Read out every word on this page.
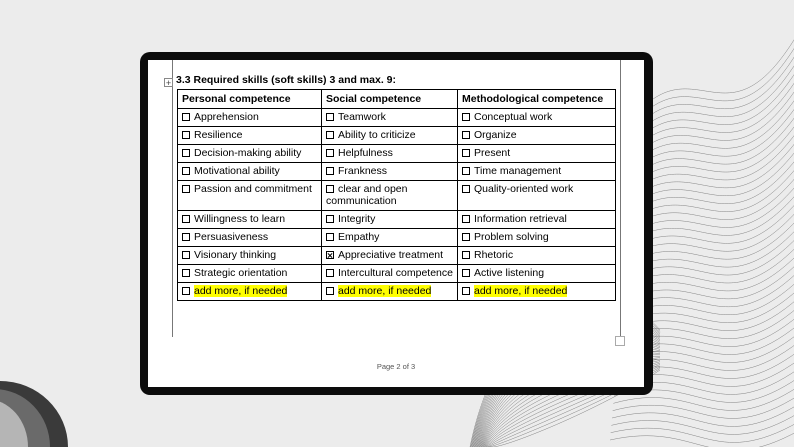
+ 3.3 Required skills (soft skills) 3 and max. 9:
Personal competence	Social competence	Methodological competence
Apprehension	Teamwork	Conceptual work
Resilience	Ability to criticize	Organize
Decision-making ability	Helpfulness	Present
Motivational ability	Frankness	Time management
Passion and commitment	clear and open communication	Quality-oriented work
Willingness to learn	Integrity	Information retrieval
Persuasiveness	Empathy	Problem solving
Visionary thinking	Appreciative treatment	Rhetoric
Strategic orientation	Intercultural competence	Active listening
add more, if needed	add more, if needed	add more, if needed
Page 2 of 3
